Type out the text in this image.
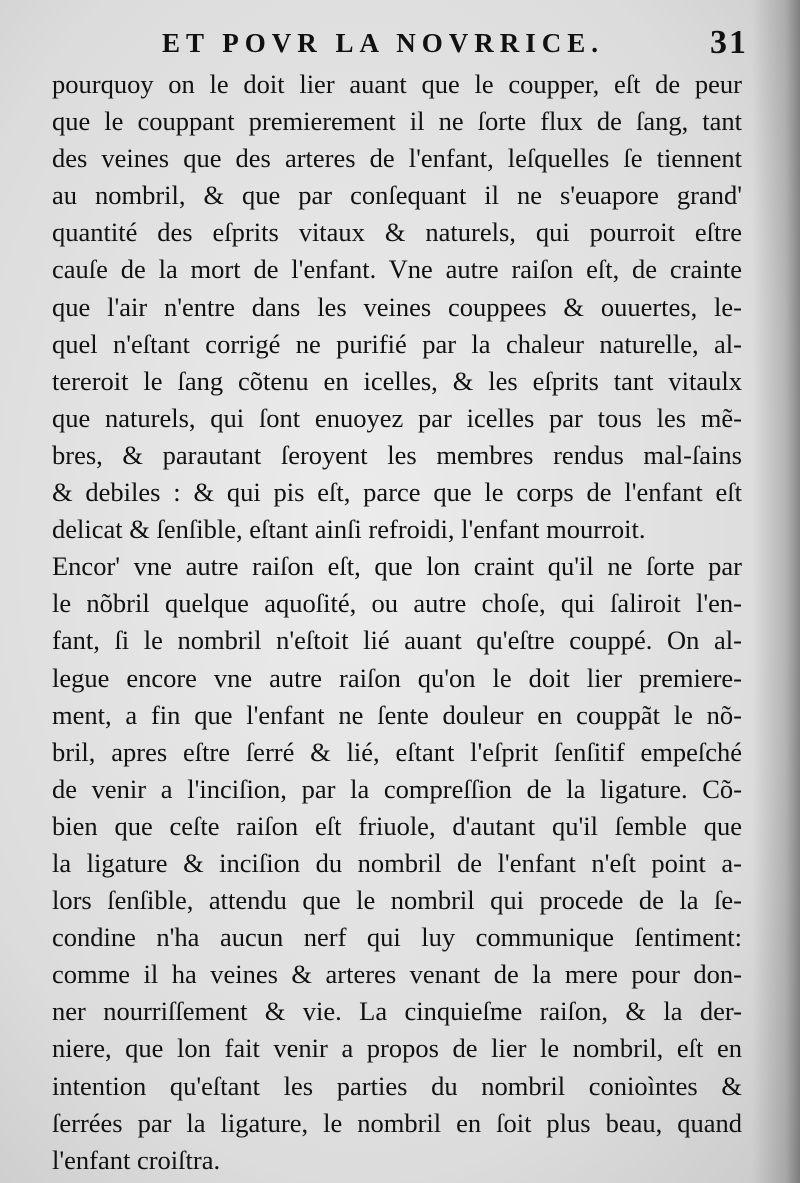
ET POVR LA NOVRRICE.	31
pourquoy on le doit lier auant que le coupper, eſt de peur
que le couppant premierement il ne ſorte flux de ſang, tant
des veines que des arteres de l'enfant, leſquelles ſe tiennent
au nombril, & que par conſequant il ne s'euapore grand'
quantité des eſprits vitaux & naturels, qui pourroit eſtre
cauſe de la mort de l'enfant. Vne autre raiſon eſt, de crainte
que l'air n'entre dans les veines couppees & ouuertes, le-
quel n'eſtant corrigé ne purifié par la chaleur naturelle, al-
tereroit le ſang cõtenu en icelles, & les eſprits tant vitaulx
que naturels, qui ſont enuoyez par icelles par tous les mẽ-
bres, & parautant ſeroyent les membres rendus mal-ſains
& debiles : & qui pis eſt, parce que le corps de l'enfant eſt
delicat & ſenſible, eſtant ainſi refroidi, l'enfant mourroit.
Encor' vne autre raiſon eſt, que lon craint qu'il ne ſorte par
le nõbril quelque aquoſité, ou autre choſe, qui ſaliroit l'en-
fant, ſi le nombril n'eſtoit lié auant qu'eſtre couppé. On al-
legue encore vne autre raiſon qu'on le doit lier premiere-
ment, a fin que l'enfant ne ſente douleur en couppãt le nõ-
bril, apres eſtre ſerré & lié, eſtant l'eſprit ſenſitif empeſché
de venir a l'inciſion, par la compreſſion de la ligature. Cõ-
bien que ceſte raiſon eſt friuole, d'autant qu'il ſemble que
la ligature & inciſion du nombril de l'enfant n'eſt point a-
lors ſenſible, attendu que le nombril qui procede de la ſe-
condine n'ha aucun nerf qui luy communique ſentiment:
comme il ha veines & arteres venant de la mere pour don-
ner nourriſſement & vie. La cinquieſme raiſon, & la der-
niere, que lon fait venir a propos de lier le nombril, eſt en
intention qu'eſtant les parties du nombril conioìntes &
ſerrées par la ligature, le nombril en ſoit plus beau, quand
l'enfant croiſtra.
